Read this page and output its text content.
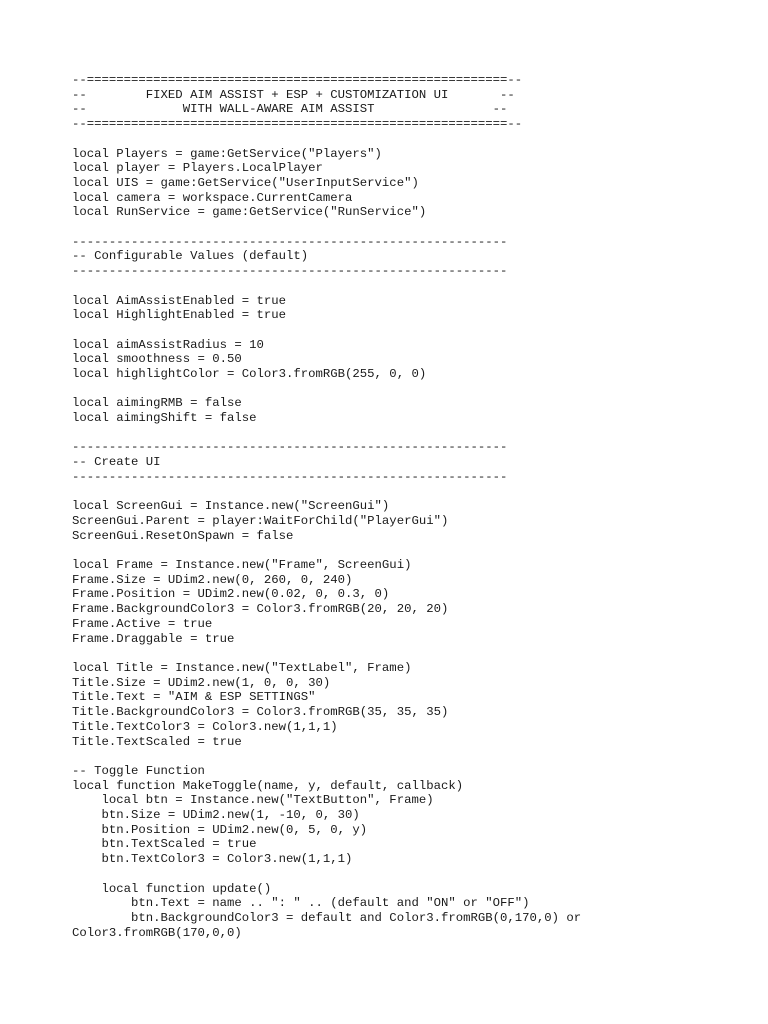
--=========================================================--
--        FIXED AIM ASSIST + ESP + CUSTOMIZATION UI       --
--             WITH WALL-AWARE AIM ASSIST                --
--=========================================================--
local Players = game:GetService("Players")
local player = Players.LocalPlayer
local UIS = game:GetService("UserInputService")
local camera = workspace.CurrentCamera
local RunService = game:GetService("RunService")
-----------------------------------------------------------
-- Configurable Values (default)
-----------------------------------------------------------
local AimAssistEnabled = true
local HighlightEnabled = true
local aimAssistRadius = 10
local smoothness = 0.50
local highlightColor = Color3.fromRGB(255, 0, 0)
local aimingRMB = false
local aimingShift = false
-----------------------------------------------------------
-- Create UI
-----------------------------------------------------------
local ScreenGui = Instance.new("ScreenGui")
ScreenGui.Parent = player:WaitForChild("PlayerGui")
ScreenGui.ResetOnSpawn = false
local Frame = Instance.new("Frame", ScreenGui)
Frame.Size = UDim2.new(0, 260, 0, 240)
Frame.Position = UDim2.new(0.02, 0, 0.3, 0)
Frame.BackgroundColor3 = Color3.fromRGB(20, 20, 20)
Frame.Active = true
Frame.Draggable = true
local Title = Instance.new("TextLabel", Frame)
Title.Size = UDim2.new(1, 0, 0, 30)
Title.Text = "AIM & ESP SETTINGS"
Title.BackgroundColor3 = Color3.fromRGB(35, 35, 35)
Title.TextColor3 = Color3.new(1,1,1)
Title.TextScaled = true
-- Toggle Function
local function MakeToggle(name, y, default, callback)
local btn = Instance.new("TextButton", Frame)
btn.Size = UDim2.new(1, -10, 0, 30)
btn.Position = UDim2.new(0, 5, 0, y)
btn.TextScaled = true
btn.TextColor3 = Color3.new(1,1,1)
local function update()
btn.Text = name .. ": " .. (default and "ON" or "OFF")
btn.BackgroundColor3 = default and Color3.fromRGB(0,170,0) or
Color3.fromRGB(170,0,0)
